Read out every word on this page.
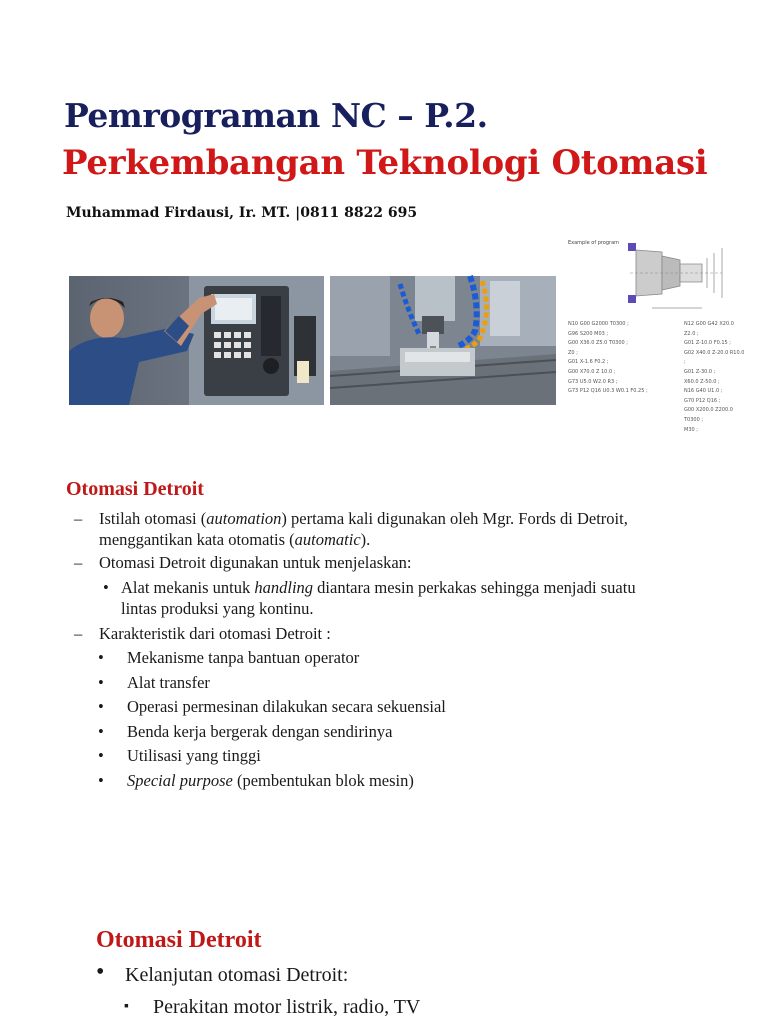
Pemrograman NC – P.2.
Perkembangan Teknologi Otomasi
Muhammad Firdausi, Ir. MT. |0811 8822 695
Example of program
N10 G00 G2000 T0300 ;
G96 S200 M03 ;
G00 X36.0 Z5.0 T0300 ;
Z0 ;
G01 X-1.6 F0.2 ;
G00 X70.0 Z 10.0 ;
G73 U5.0 W2.0 R3 ;
G73 P12 Q16 U0.3 W0.1 F0.25 ;
N12 G00 G42 X20.0 Z2.0 ;
G01 Z-10.0 F0.15 ;
G02 X40.0 Z-20.0 R10.0 ;
G01 Z-30.0 ;
X60.0 Z-50.0 ;
N16 G40 U1.0 ;
G70 P12 Q16 ;
G00 X200.0 Z200.0 T0300 ;
M30 ;
Otomasi Detroit
– Istilah otomasi (automation) pertama kali digunakan oleh Mgr. Fords di Detroit,
menggantikan kata otomatis (automatic).
– Otomasi Detroit digunakan untuk menjelaskan:
• Alat mekanis untuk handling diantara mesin perkakas sehingga menjadi suatu
lintas produksi yang kontinu.
– Karakteristik dari otomasi Detroit :
• Mekanisme tanpa bantuan operator
• Alat transfer
• Operasi permesinan dilakukan secara sekuensial
• Benda kerja bergerak dengan sendirinya
• Utilisasi yang tinggi
• Special purpose (pembentukan blok mesin)
Otomasi Detroit
• Kelanjutan otomasi Detroit:
▪ Perakitan motor listrik, radio, TV
